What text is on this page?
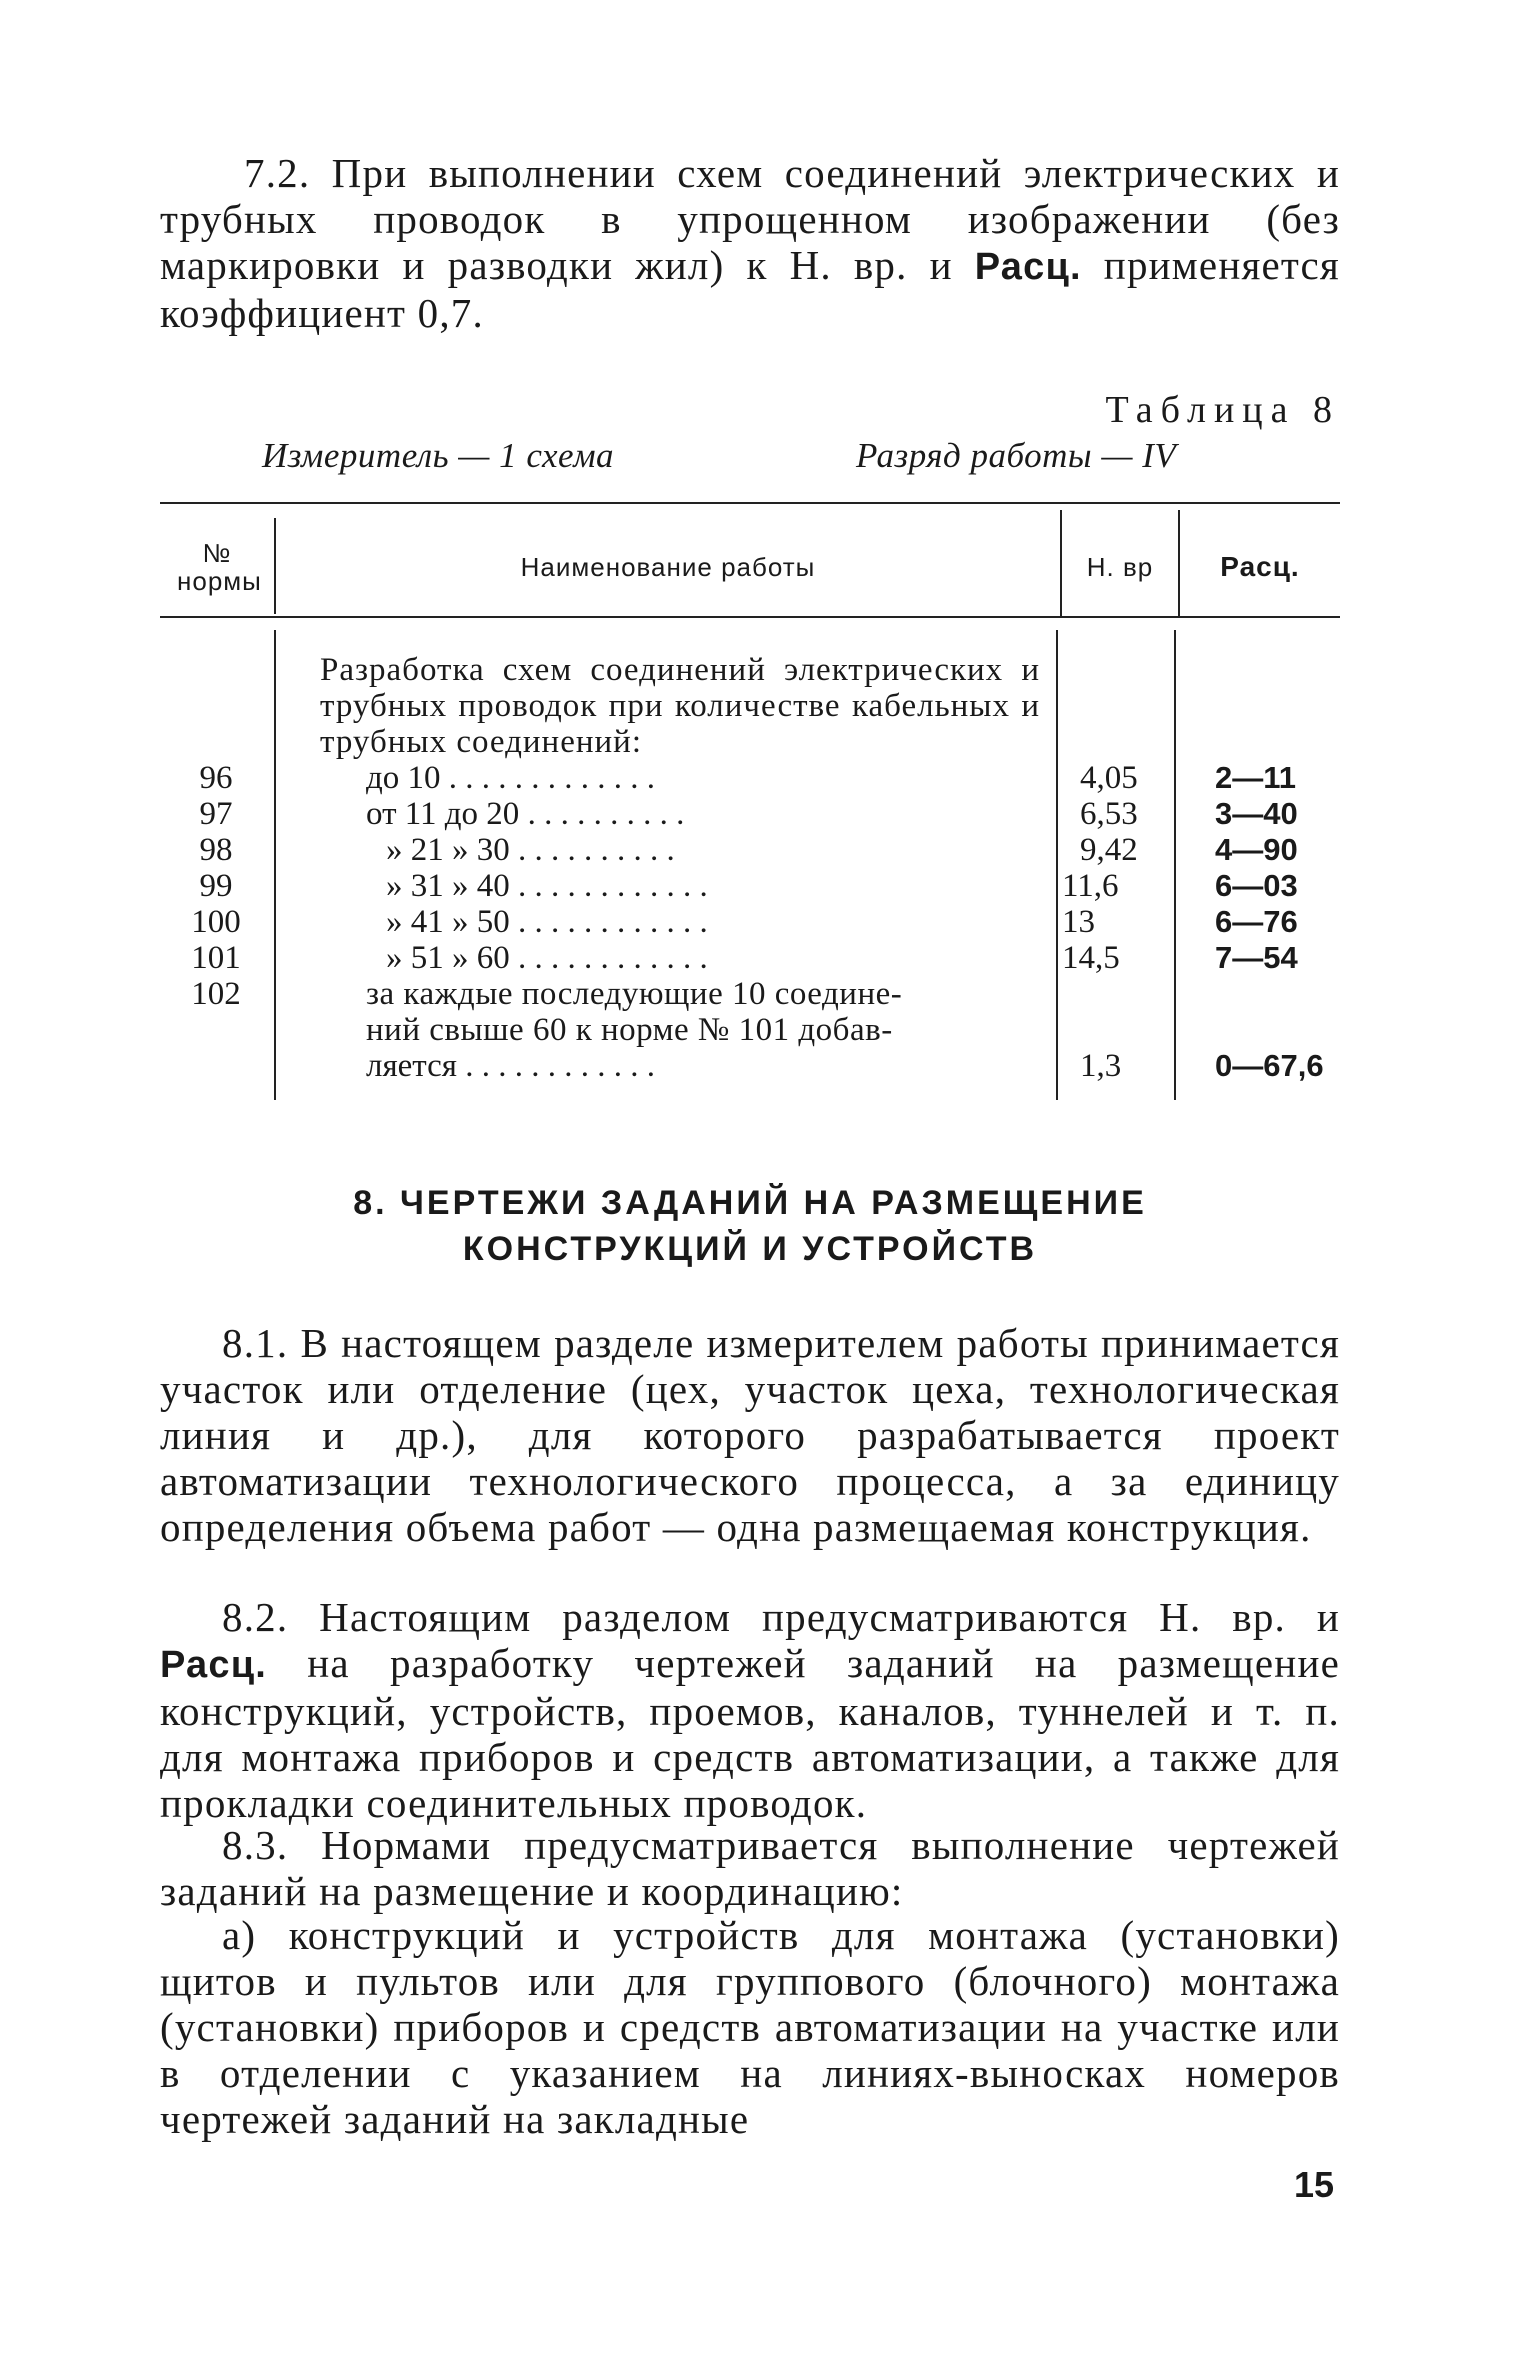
7.2. При выполнении схем соединений электрических и трубных проводок в упрощенном изображении (без маркировки и разводки жил) к Н. вр. и Расц. применяется коэффициент 0,7.

Таблица 8
Измеритель — 1 схема	Разряд работы — IV
№ нормы	Наименование работы	Н. вр	Расц.
Разработка схем соединений электрических и трубных проводок при количестве кабельных и трубных соединений:
96	до 10 . . . . . . . . . . . . .	4,05 2—11
97	от 11 до 20 . . . . . . . . . .	6,53 3—40
98	» 21 » 30 . . . . . . . . . .	9,42 4—90
99	» 31 » 40 . . . . . . . . . . . .	11,6	6—03
100	» 41 » 50 . . . . . . . . . . . .	13	6—76
101	» 51 » 60 . . . . . . . . . . . .	14,5	7—54
102	за каждые последующие 10 соедине-
ний свыше 60 к норме № 101 добав-
ляется . . . . . . . . . . . .	1,3	0—67,6
8. ЧЕРТЕЖИ ЗАДАНИЙ НА РАЗМЕЩЕНИЕ
КОНСТРУКЦИЙ И УСТРОЙСТВ

8.1. В настоящем разделе измерителем работы принимается участок или отделение (цех, участок цеха, технологическая линия и др.), для которого разрабатывается проект автоматизации технологического процесса, а за единицу определения объема работ — одна размещаемая конструкция.

8.2. Настоящим разделом предусматриваются Н. вр. и Расц. на разработку чертежей заданий на размещение конструкций, устройств, проемов, каналов, туннелей и т. п. для монтажа приборов и средств автоматизации, а также для прокладки соединительных проводок.

8.3. Нормами предусматривается выполнение чертежей заданий на размещение и координацию:

а) конструкций и устройств для монтажа (установки) щитов и пультов или для группового (блочного) монтажа (установки) приборов и средств автоматизации на участке или в отделении с указанием на линиях-выносках номеров чертежей заданий на закладные

15
